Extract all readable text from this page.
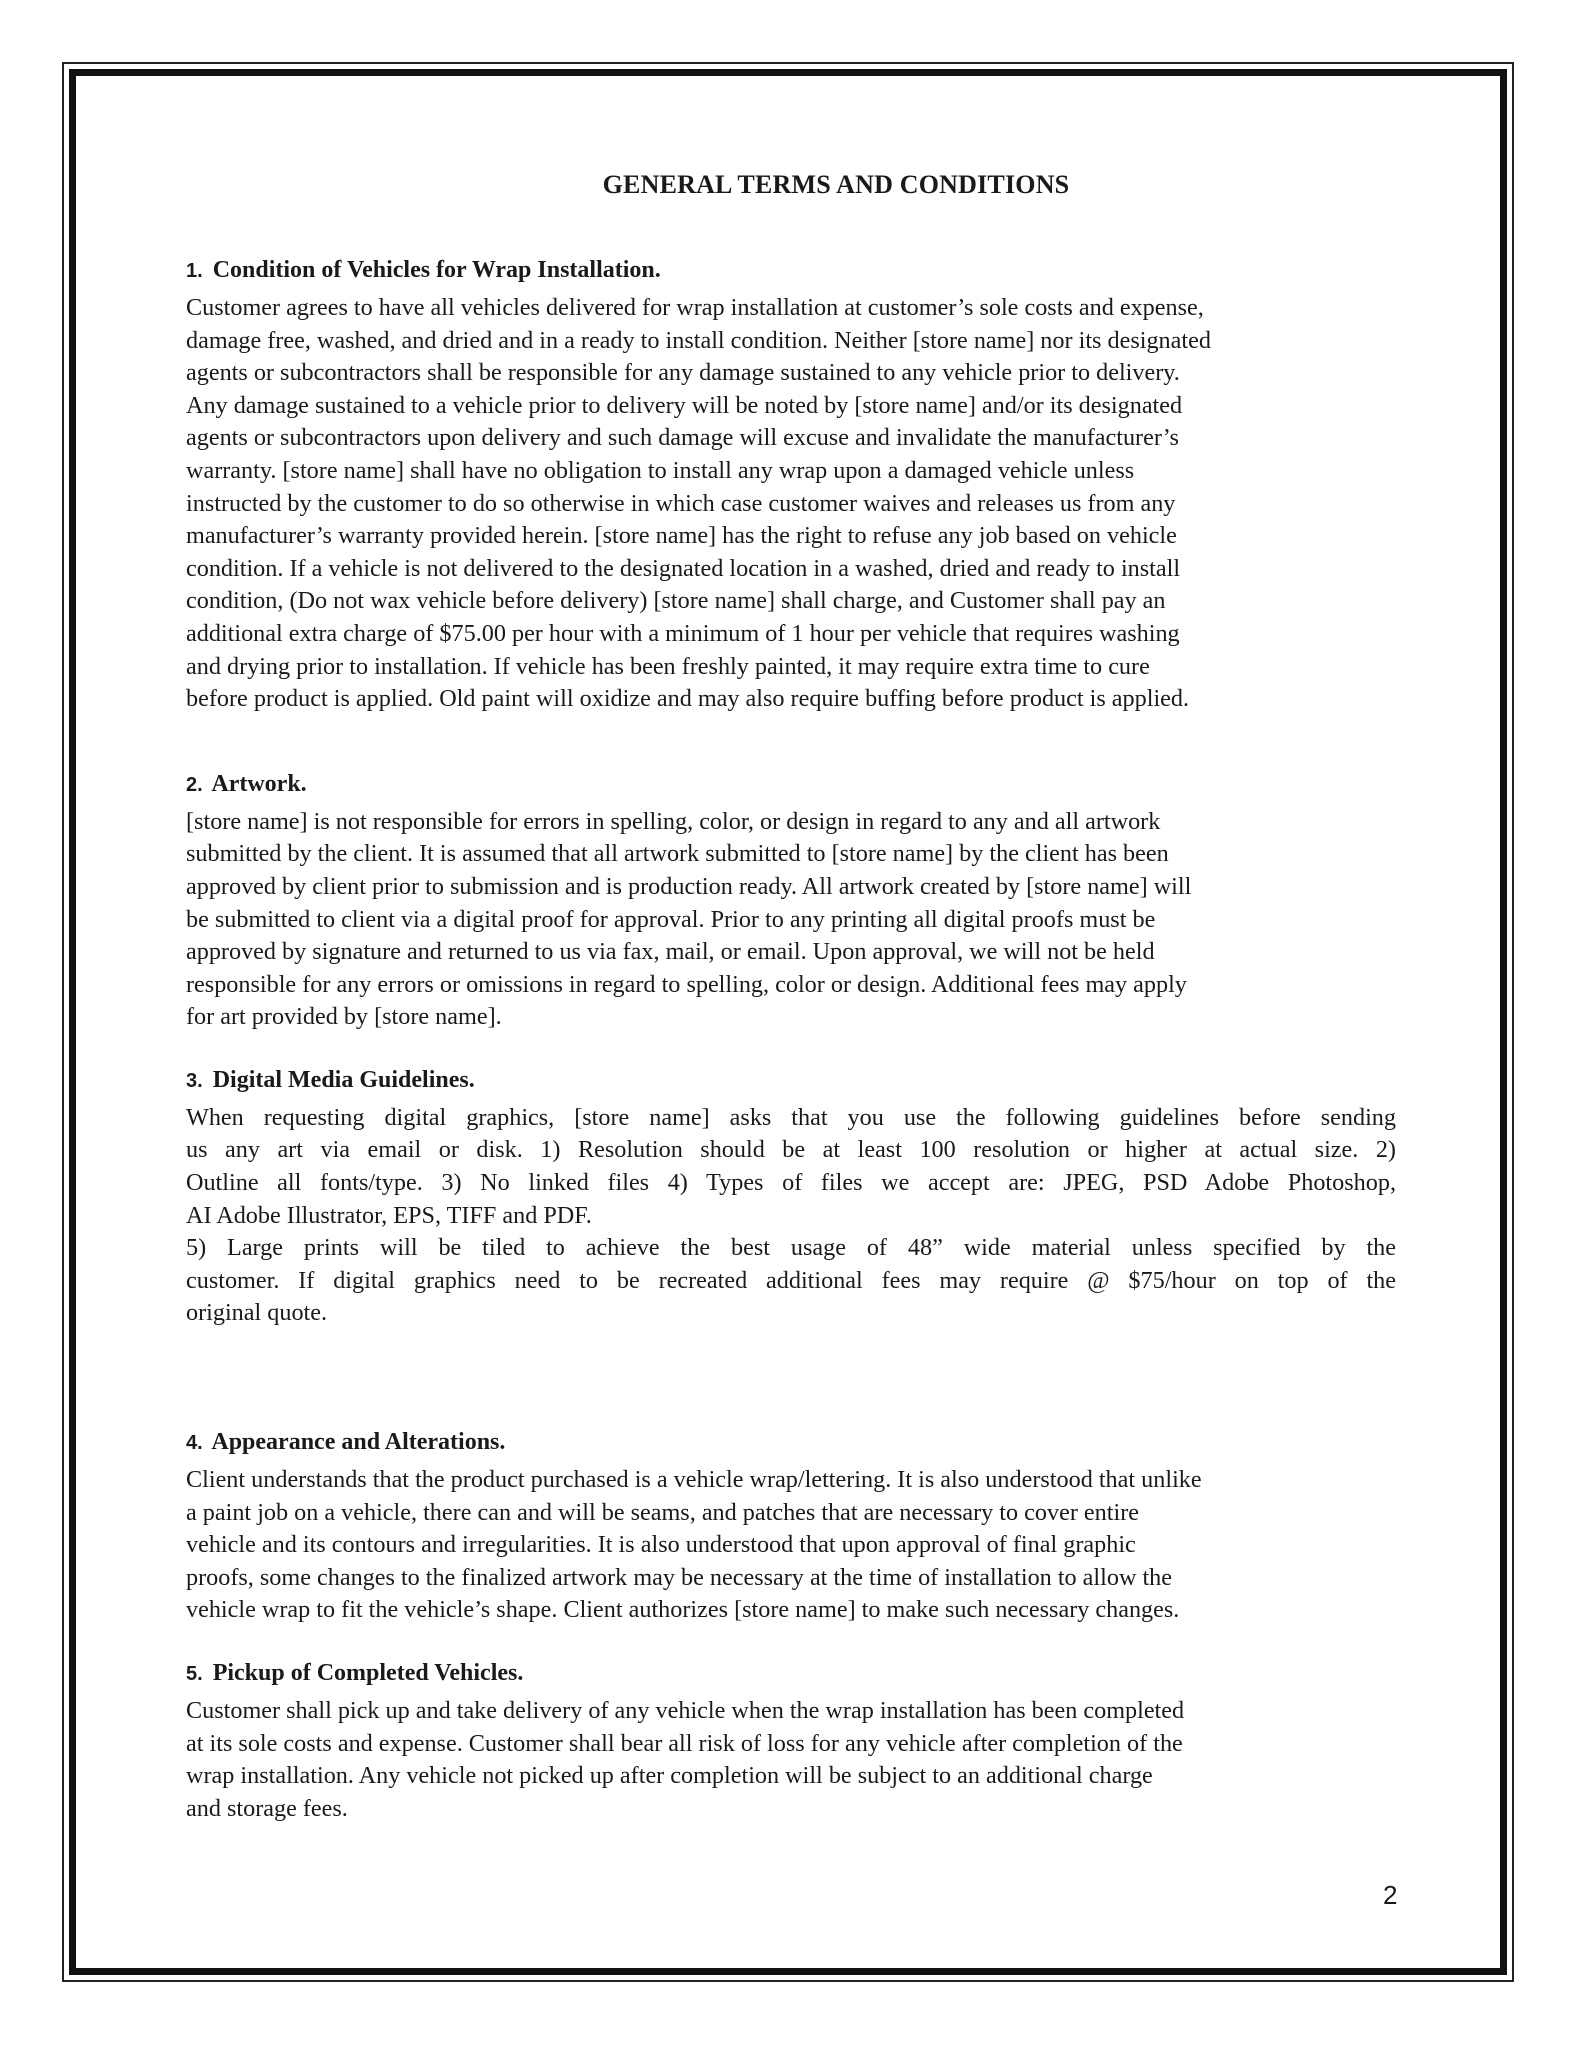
GENERAL TERMS AND CONDITIONS
1. Condition of Vehicles for Wrap Installation.
Customer agrees to have all vehicles delivered for wrap installation at customer’s sole costs and expense,
damage free, washed, and dried and in a ready to install condition. Neither [store name] nor its designated
agents or subcontractors shall be responsible for any damage sustained to any vehicle prior to delivery.
Any damage sustained to a vehicle prior to delivery will be noted by [store name] and/or its designated
agents or subcontractors upon delivery and such damage will excuse and invalidate the manufacturer’s
warranty. [store name] shall have no obligation to install any wrap upon a damaged vehicle unless
instructed by the customer to do so otherwise in which case customer waives and releases us from any
manufacturer’s warranty provided herein. [store name] has the right to refuse any job based on vehicle
condition. If a vehicle is not delivered to the designated location in a washed, dried and ready to install
condition, (Do not wax vehicle before delivery) [store name] shall charge, and Customer shall pay an
additional extra charge of $75.00 per hour with a minimum of 1 hour per vehicle that requires washing
and drying prior to installation. If vehicle has been freshly painted, it may require extra time to cure
before product is applied. Old paint will oxidize and may also require buffing before product is applied.
2. Artwork.
[store name] is not responsible for errors in spelling, color, or design in regard to any and all artwork
submitted by the client. It is assumed that all artwork submitted to [store name] by the client has been
approved by client prior to submission and is production ready. All artwork created by [store name] will
be submitted to client via a digital proof for approval. Prior to any printing all digital proofs must be
approved by signature and returned to us via fax, mail, or email. Upon approval, we will not be held
responsible for any errors or omissions in regard to spelling, color or design. Additional fees may apply
for art provided by [store name].
3. Digital Media Guidelines.
When requesting digital graphics, [store name] asks that you use the following guidelines before sending
us any art via email or disk. 1) Resolution should be at least 100 resolution or higher at actual size. 2)
Outline all fonts/type. 3) No linked files 4) Types of files we accept are: JPEG, PSD Adobe Photoshop,
AI Adobe Illustrator, EPS, TIFF and PDF.
5) Large prints will be tiled to achieve the best usage of 48” wide material unless specified by the
customer. If digital graphics need to be recreated additional fees may require @ $75/hour on top of the
original quote.
4. Appearance and Alterations.
Client understands that the product purchased is a vehicle wrap/lettering. It is also understood that unlike
a paint job on a vehicle, there can and will be seams, and patches that are necessary to cover entire
vehicle and its contours and irregularities. It is also understood that upon approval of final graphic
proofs, some changes to the finalized artwork may be necessary at the time of installation to allow the
vehicle wrap to fit the vehicle’s shape. Client authorizes [store name] to make such necessary changes.
5. Pickup of Completed Vehicles.
Customer shall pick up and take delivery of any vehicle when the wrap installation has been completed
at its sole costs and expense. Customer shall bear all risk of loss for any vehicle after completion of the
wrap installation. Any vehicle not picked up after completion will be subject to an additional charge
and storage fees.
2
